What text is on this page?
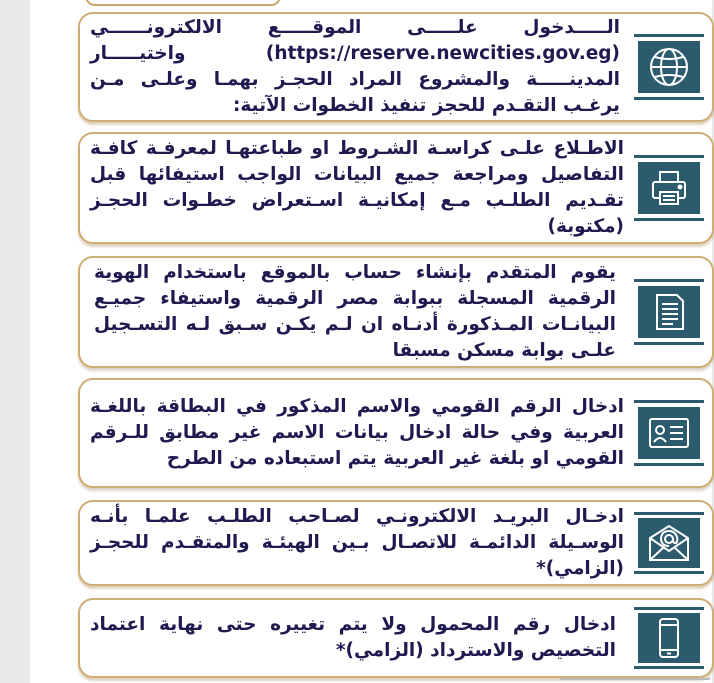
الـــــدخول علـــــى الموقـــــع الالكترونــــــي (https://reserve.newcities.gov.eg) واختيـــــار المدينـــــة والمشروع المراد الحجـز بهمـا وعلـى مـن يرغـب التقـدم للحجز تنفيذ الخطوات الآتية:

الاطـلاع علـى كراسـة الشـروط او طباعتهـا لمعرفـة كافـة التفاصيل ومراجعة جميع البيانات الواجب استيفائها قبل تقـديم الطلـب مـع إمكانيـة اسـتعراض خطـوات الحجـز (مكتوبة)

يقوم المتقدم بإنشاء حساب بالموقع باستخدام الهوية الرقمية المسجلة ببوابة مصر الرقمية واستيفاء جميـع البيانـات المـذكورة أدنـاه ان لـم يكـن سـبق لـه التسـجيل علـى بوابة مسكن مسبقا

ادخال الرقم القومي والاسم المذكور في البطاقة باللغـة العربية وفي حالة ادخال بيانات الاسم غير مطابق للـرقم القومي او بلغة غير العربية يتم استبعاده من الطرح

ادخـال البريـد الالكترونـي لصـاحب الطلـب علمـا بأنـه الوسـيلة الدائمـة للاتصـال بـين الهيئـة والمتقـدم للحجـز (الزامي)*

ادخال رقم المحمول ولا يتم تغييره حتى نهاية اعتماد التخصيص والاسترداد (الزامي)*
